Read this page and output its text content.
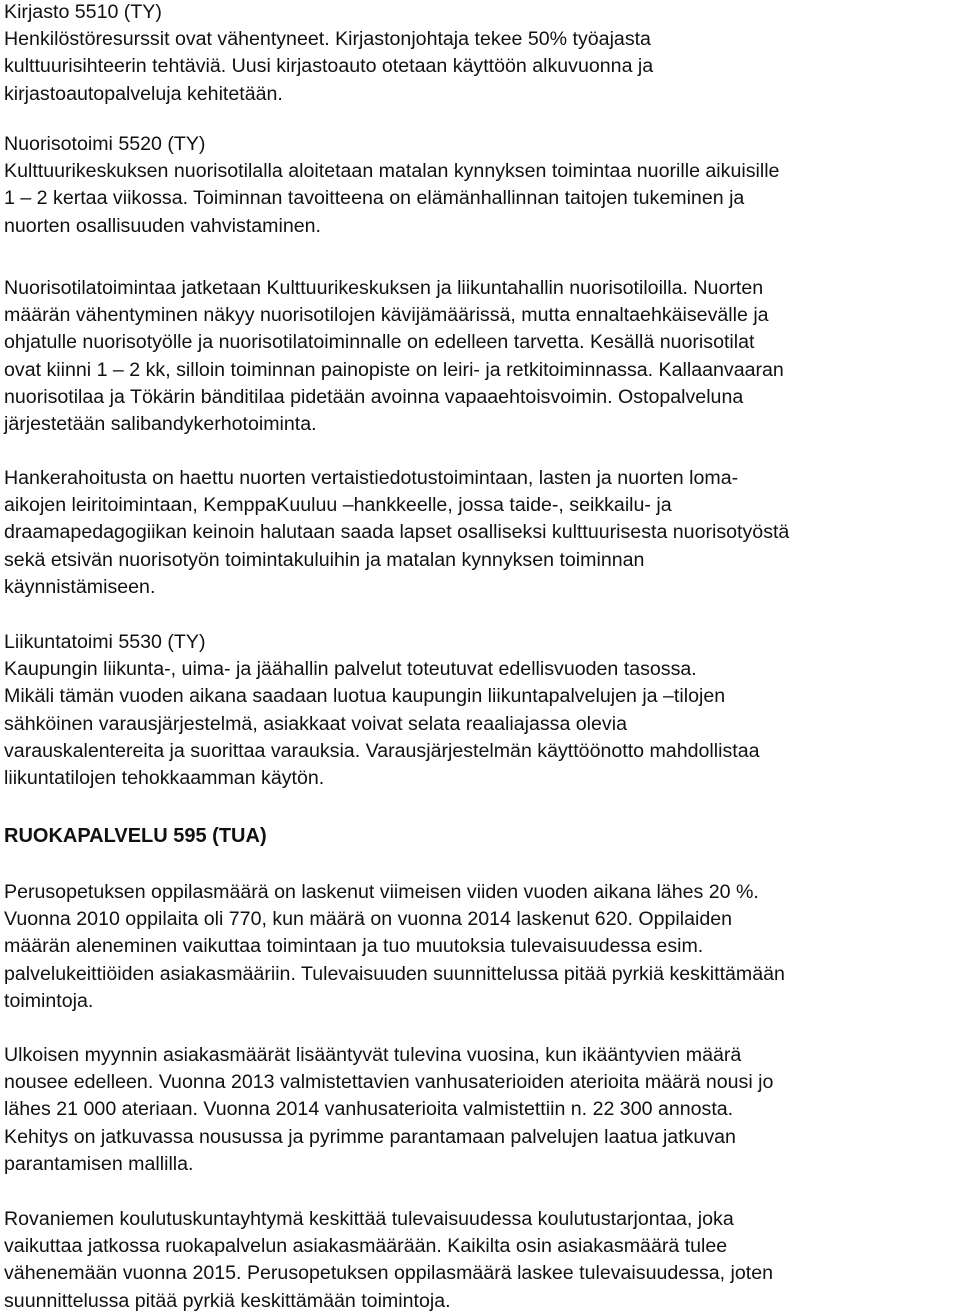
Kirjasto 5510 (TY)
Henkilöstöresurssit ovat vähentyneet. Kirjastonjohtaja tekee 50% työajasta
kulttuurisihteerin tehtäviä. Uusi kirjastoauto otetaan käyttöön alkuvuonna ja
kirjastoautopalveluja kehitetään.
Nuorisotoimi 5520 (TY)
Kulttuurikeskuksen nuorisotilalla aloitetaan matalan kynnyksen toimintaa nuorille aikuisille
1 – 2 kertaa viikossa. Toiminnan tavoitteena on elämänhallinnan taitojen tukeminen ja
nuorten osallisuuden vahvistaminen.
Nuorisotilatoimintaa jatketaan Kulttuurikeskuksen ja liikuntahallin nuorisotiloilla. Nuorten
määrän vähentyminen näkyy nuorisotilojen kävijämäärissä, mutta ennaltaehkäisevälle ja
ohjatulle nuorisotyölle ja nuorisotilatoiminnalle on edelleen tarvetta. Kesällä nuorisotilat
ovat kiinni 1 – 2 kk, silloin toiminnan painopiste on leiri- ja retkitoiminnassa. Kallaanvaaran
nuorisotilaa ja Tökärin bänditilaa pidetään avoinna vapaaehtoisvoimin. Ostopalveluna
järjestetään salibandykerhotoiminta.
Hankerahoitusta on haettu nuorten vertaistiedotustoimintaan, lasten ja nuorten loma-
aikojen leiritoimintaan, KemppaKuuluu –hankkeelle, jossa taide-, seikkailu- ja
draamapedagogiikan keinoin halutaan saada lapset osalliseksi kulttuurisesta nuorisotyöstä
sekä etsivän nuorisotyön toimintakuluihin ja matalan kynnyksen toiminnan
käynnistämiseen.
Liikuntatoimi 5530 (TY)
Kaupungin liikunta-, uima- ja jäähallin palvelut toteutuvat edellisvuoden tasossa.
Mikäli tämän vuoden aikana saadaan luotua kaupungin liikuntapalvelujen ja –tilojen
sähköinen varausjärjestelmä, asiakkaat voivat selata reaaliajassa olevia
varauskalentereita ja suorittaa varauksia. Varausjärjestelmän käyttöönotto mahdollistaa
liikuntatilojen tehokkaamman käytön.
RUOKAPALVELU 595 (TUA)
Perusopetuksen oppilasmäärä on laskenut viimeisen viiden vuoden aikana lähes 20 %.
Vuonna 2010 oppilaita oli 770, kun määrä on vuonna 2014 laskenut 620. Oppilaiden
määrän aleneminen vaikuttaa toimintaan ja tuo muutoksia tulevaisuudessa esim.
palvelukeittiöiden asiakasmääriin. Tulevaisuuden suunnittelussa pitää pyrkiä keskittämään
toimintoja.
Ulkoisen myynnin asiakasmäärät lisääntyvät tulevina vuosina, kun ikääntyvien määrä
nousee edelleen. Vuonna 2013 valmistettavien vanhusaterioiden aterioita määrä nousi jo
lähes 21 000 ateriaan. Vuonna 2014 vanhusaterioita valmistettiin n. 22 300 annosta.
Kehitys on jatkuvassa nousussa ja pyrimme parantamaan palvelujen laatua jatkuvan
parantamisen mallilla.
Rovaniemen koulutuskuntayhtymä keskittää tulevaisuudessa koulutustarjontaa, joka
vaikuttaa jatkossa ruokapalvelun asiakasmäärään. Kaikilta osin asiakasmäärä tulee
vähenemään vuonna 2015. Perusopetuksen oppilasmäärä laskee tulevaisuudessa, joten
suunnittelussa pitää pyrkiä keskittämään toimintoja.
